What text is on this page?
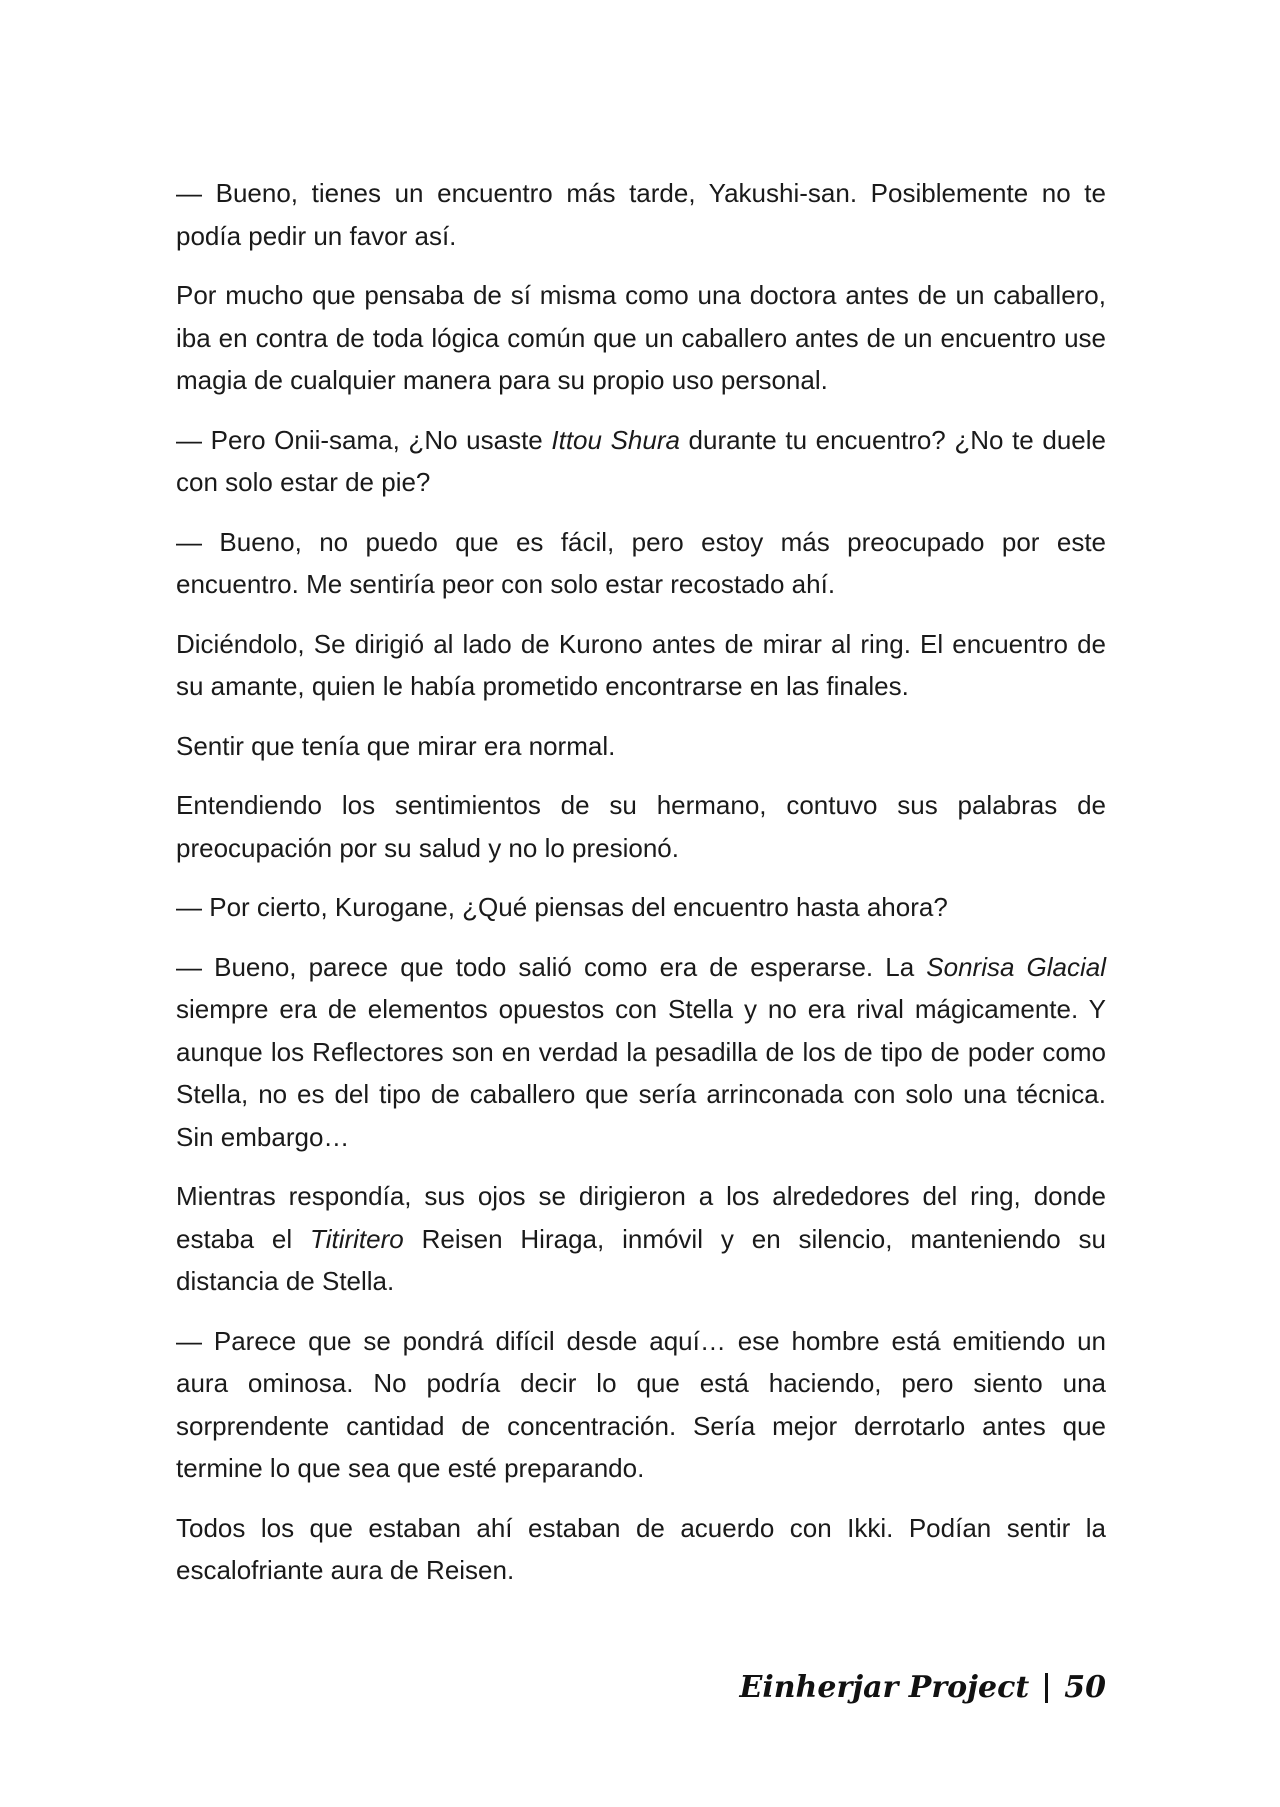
— Bueno, tienes un encuentro más tarde, Yakushi-san. Posiblemente no te podía pedir un favor así.

Por mucho que pensaba de sí misma como una doctora antes de un caballero, iba en contra de toda lógica común que un caballero antes de un encuentro use magia de cualquier manera para su propio uso personal.

— Pero Onii-sama, ¿No usaste Ittou Shura durante tu encuentro? ¿No te duele con solo estar de pie?

— Bueno, no puedo que es fácil, pero estoy más preocupado por este encuentro. Me sentiría peor con solo estar recostado ahí.

Diciéndolo, Se dirigió al lado de Kurono antes de mirar al ring. El encuentro de su amante, quien le había prometido encontrarse en las finales.

Sentir que tenía que mirar era normal.

Entendiendo los sentimientos de su hermano, contuvo sus palabras de preocupación por su salud y no lo presionó.

— Por cierto, Kurogane, ¿Qué piensas del encuentro hasta ahora?

— Bueno, parece que todo salió como era de esperarse. La Sonrisa Glacial siempre era de elementos opuestos con Stella y no era rival mágicamente. Y aunque los Reflectores son en verdad la pesadilla de los de tipo de poder como Stella, no es del tipo de caballero que sería arrinconada con solo una técnica. Sin embargo…

Mientras respondía, sus ojos se dirigieron a los alrededores del ring, donde estaba el Titiritero Reisen Hiraga, inmóvil y en silencio, manteniendo su distancia de Stella.

— Parece que se pondrá difícil desde aquí… ese hombre está emitiendo un aura ominosa. No podría decir lo que está haciendo, pero siento una sorprendente cantidad de concentración. Sería mejor derrotarlo antes que termine lo que sea que esté preparando.

Todos los que estaban ahí estaban de acuerdo con Ikki. Podían sentir la escalofriante aura de Reisen.

Einherjar Project 50
